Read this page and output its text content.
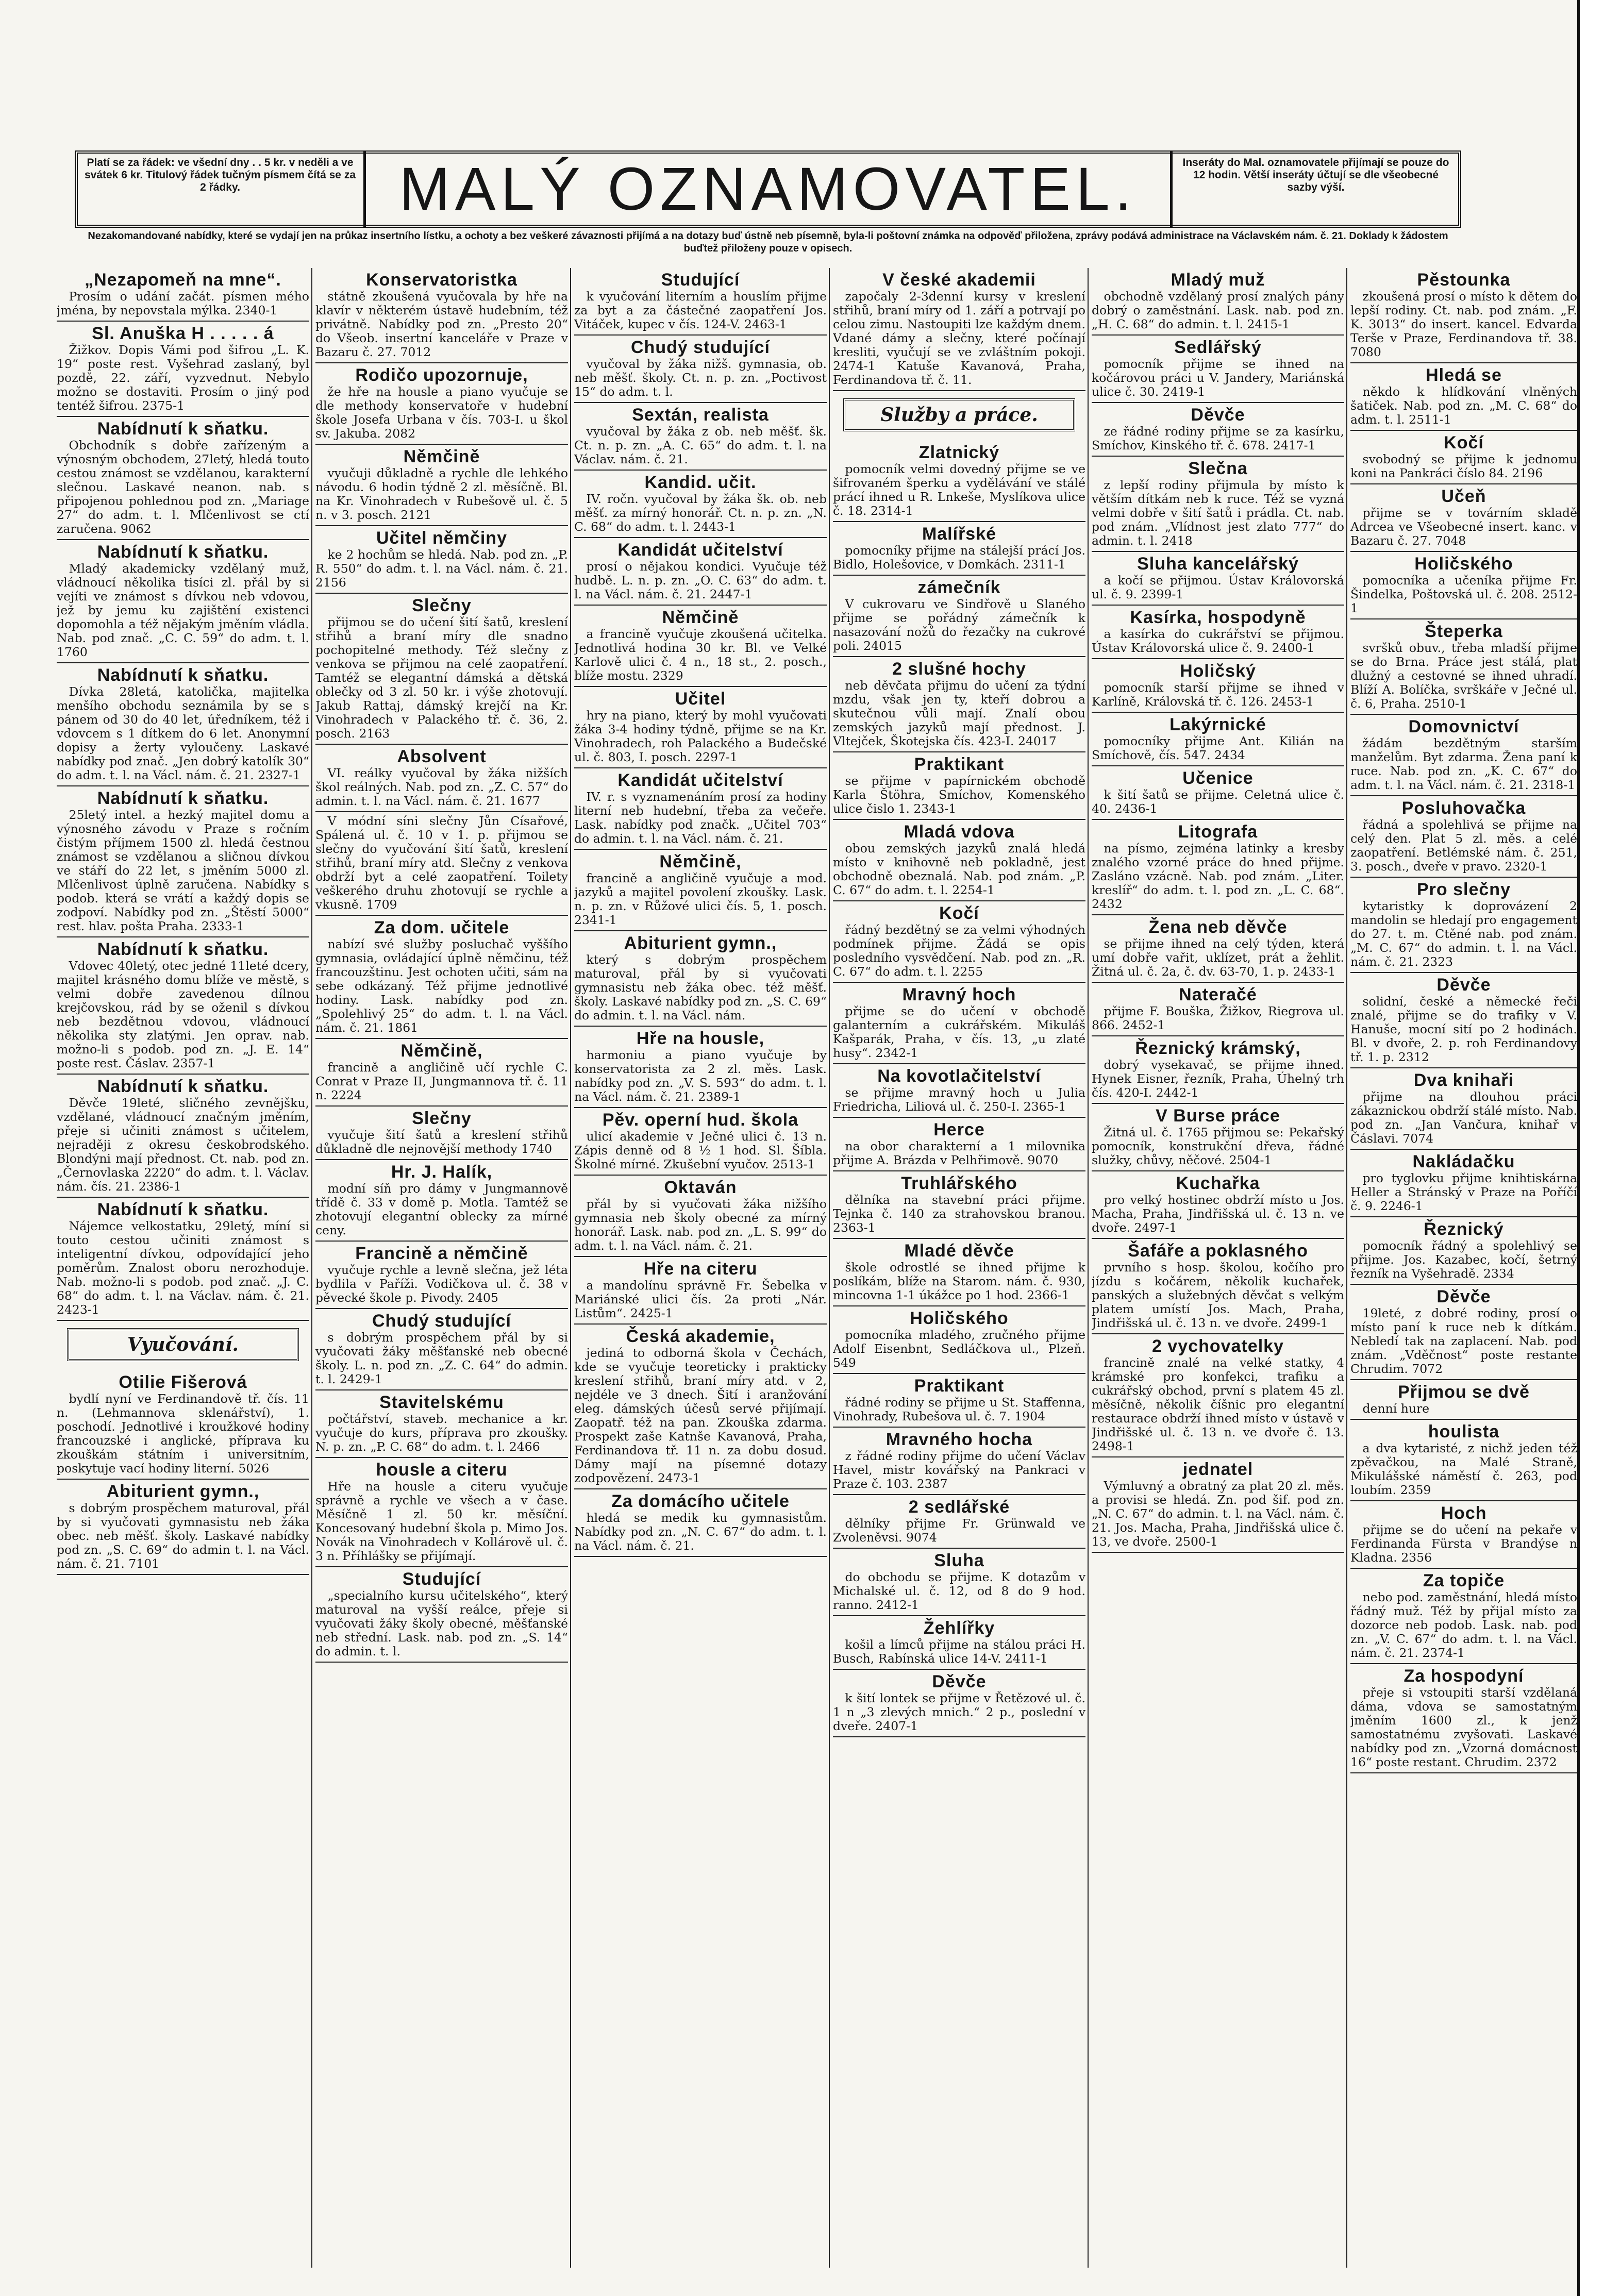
Platí se za řádek: ve všední dny . . 5 kr. v neděli a ve svátek 6 kr. Titulový řádek tučným písmem čítá se za 2 řádky.	MALÝ OZNAMOVATEL.	Inseráty do Mal. oznamovatele přijímají se pouze do 12 hodin. Větší inseráty účtují se dle všeobecné sazby výší.
Nezakomandované nabídky, které se vydají jen na průkaz insertního lístku, a ochoty a bez veškeré závaznosti přijímá a na dotazy buď ústně neb písemně, byla-li poštovní známka na odpověď přiložena, zprávy podává administrace na Václavském nám. č. 21. Doklady k žádostem buďtež přiloženy pouze v opisech.
„Nezapomeň na mne“.
Prosím o udání začát. písmen mého jména, by nepovstala mýlka. 2340-1
Sl. Anuška H . . . . . á
Žižkov. Dopis Vámi pod šifrou „L. K. 19“ poste rest. Vyšehrad zaslaný, byl pozdě, 22. září, vyzvednut. Nebylo možno se dostaviti. Prosím o jiný pod tentéž šifrou. 2375-1
Nabídnutí k sňatku.
Obchodník s dobře zařízeným a výnosným obchodem, 27letý, hledá touto cestou známost se vzdělanou, karakterní slečnou. Laskavé neanon. nab. s připojenou pohlednou pod zn. „Mariage 27“ do adm. t. l. Mlčenlivost se ctí zaručena. 9062
Nabídnutí k sňatku.
Mladý akademicky vzdělaný muž, vládnoucí několika tisíci zl. přál by si vejíti ve známost s dívkou neb vdovou, jež by jemu ku zajištění existenci dopomohla a též nějakým jměním vládla. Nab. pod znač. „C. C. 59“ do adm. t. l. 1760
Nabídnutí k sňatku.
Dívka 28letá, katolička, majitelka menšího obchodu seznámila by se s pánem od 30 do 40 let, úředníkem, též i vdovcem s 1 dítkem do 6 let. Anonymní dopisy a žerty vyloučeny. Laskavé nabídky pod znač. „Jen dobrý katolík 30“ do adm. t. l. na Václ. nám. č. 21. 2327-1
Nabídnutí k sňatku.
25letý intel. a hezký majitel domu a výnosného závodu v Praze s ročním čistým příjmem 1500 zl. hledá čestnou známost se vzdělanou a sličnou dívkou ve stáří do 22 let, s jměním 5000 zl. Mlčenlivost úplně zaručena. Nabídky s podob. která se vrátí a každý dopis se zodpoví. Nabídky pod zn. „Štěstí 5000“ rest. hlav. pošta Praha. 2333-1
Nabídnutí k sňatku.
Vdovec 40letý, otec jedné 11leté dcery, majitel krásného domu blíže ve městě, s velmi dobře zavedenou dílnou krejčovskou, rád by se oženil s dívkou neb bezdětnou vdovou, vládnoucí několika sty zlatými. Jen oprav. nab. možno-li s podob. pod zn. „J. E. 14“ poste rest. Čáslav. 2357-1
Nabídnutí k sňatku.
Děvče 19leté, sličného zevnějšku, vzdělané, vládnoucí značným jměním, přeje si učiniti známost s učitelem, nejraději z okresu českobrodského. Blondýni mají přednost. Ct. nab. pod zn. „Černovlaska 2220“ do adm. t. l. Václav. nám. čís. 21. 2386-1
Nabídnutí k sňatku.
Nájemce velkostatku, 29letý, míní si touto cestou učiniti známost s inteligentní dívkou, odpovídající jeho poměrům. Znalost oboru nerozhoduje. Nab. možno-li s podob. pod znač. „J. C. 68“ do adm. t. l. na Václav. nám. č. 21. 2423-1
Vyučování.
Otilie Fišerová
bydlí nyní ve Ferdinandově tř. čís. 11 n. (Lehmannova sklenářství), 1. poschodí. Jednotlivé i kroužkové hodiny francouzské i anglické, příprava ku zkouškám státním i universitním, poskytuje vací hodiny literní. 5026
Abiturient gymn.,
s dobrým prospěchem maturoval, přál by si vyučovati gymnasistu neb žáka obec. neb měšť. školy. Laskavé nabídky pod zn. „S. C. 69“ do admin t. l. na Václ. nám. č. 21. 7101
Konservatoristka
státně zkoušená vyučovala by hře na klavír v některém ústavě hudebním, též privátně. Nabídky pod zn. „Presto 20“ do Všeob. insertní kanceláře v Praze v Bazaru č. 27. 7012
Rodičo upozornuje,
že hře na housle a piano vyučuje se dle methody konservatoře v hudební škole Josefa Urbana v čís. 703-I. u škol sv. Jakuba. 2082
Němčině
vyučuji důkladně a rychle dle lehkého návodu. 6 hodin týdně 2 zl. měsíčně. Bl. na Kr. Vinohradech v Rubešově ul. č. 5 n. v 3. posch. 2121
Učitel němčiny
ke 2 hochům se hledá. Nab. pod zn. „P. R. 550“ do adm. t. l. na Václ. nám. č. 21. 2156
Slečny
přijmou se do učení šití šatů, kreslení střihů a braní míry dle snadno pochopitelné methody. Též slečny z venkova se přijmou na celé zaopatření. Tamtéž se elegantní dámská a dětská oblečky od 3 zl. 50 kr. i výše zhotovují. Jakub Rattaj, dámský krejčí na Kr. Vinohradech v Palackého tř. č. 36, 2. posch. 2163
Absolvent
VI. reálky vyučoval by žáka nižších škol reálných. Nab. pod zn. „Z. C. 57“ do admin. t. l. na Václ. nám. č. 21. 1677
V módní síni slečny Jůn Císařové, Spálená ul. č. 10 v 1. p. přijmou se slečny do vyučování šití šatů, kreslení střihů, braní míry atd. Slečny z venkova obdrží byt a celé zaopatření. Toilety veškerého druhu zhotovují se rychle a vkusně. 1709
Za dom. učitele
nabízí své služby posluchač vyššího gymnasia, ovládající úplně němčinu, též francouzštinu. Jest ochoten učiti, sám na sebe odkázaný. Též přijme jednotlivé hodiny. Lask. nabídky pod zn. „Spolehlivý 25“ do adm. t. l. na Václ. nám. č. 21. 1861
Němčině,
francině a angličině učí rychle C. Conrat v Praze II, Jungmannova tř. č. 11 n. 2224
Slečny
vyučuje šití šatů a kreslení střihů důkladně dle nejnovější methody 1740
Hr. J. Halík,
modní síň pro dámy v Jungmannově třídě č. 33 v domě p. Motla. Tamtéž se zhotovují elegantní oblecky za mírné ceny.
Francině a němčině
vyučuje rychle a levně slečna, jež léta bydlila v Paříži. Vodičkova ul. č. 38 v pěvecké škole p. Pivody. 2405
Chudý studující
s dobrým prospěchem přál by si vyučovati žáky měšťanské neb obecné školy. L. n. pod zn. „Z. C. 64“ do admin. t. l. 2429-1
Stavitelskému
počtářství, staveb. mechanice a kr. vyučuje do kurs, příprava pro zkoušky. N. p. zn. „P. C. 68“ do adm. t. l. 2466
housle a citeru
Hře na housle a citeru vyučuje správně a rychle ve všech a v čase. Měsíčně 1 zl. 50 kr. měsíční. Koncesovaný hudební škola p. Mimo Jos. Novák na Vinohradech v Kollárově ul. č. 3 n. Příhlášky se přijímají.
Studující
„specialního kursu učitelského“, který maturoval na vyšší reálce, přeje si vyučovati žáky školy obecné, měšťanské neb střední. Lask. nab. pod zn. „S. 14“ do admin. t. l.
Studující
k vyučování literním a houslím přijme za byt a za částečné zaopatření Jos. Vitáček, kupec v čís. 124-V. 2463-1
Chudý studující
vyučoval by žáka nižš. gymnasia, ob. neb měšť. školy. Ct. n. p. zn. „Poctivost 15“ do adm. t. l.
Sextán, realista
vyučoval by žáka z ob. neb měšť. šk. Ct. n. p. zn. „A. C. 65“ do adm. t. l. na Václav. nám. č. 21.
Kandid. učit.
IV. ročn. vyučoval by žáka šk. ob. neb měšť. za mírný honorář. Ct. n. p. zn. „N. C. 68“ do adm. t. l. 2443-1
Kandidát učitelství
prosí o nějakou kondici. Vyučuje též hudbě. L. n. p. zn. „O. C. 63“ do adm. t. l. na Václ. nám. č. 21. 2447-1
Němčině
a francině vyučuje zkoušená učitelka. Jednotlivá hodina 30 kr. Bl. ve Velké Karlově ulici č. 4 n., 18 st., 2. posch., blíže mostu. 2329
Učitel
hry na piano, který by mohl vyučovati žáka 3-4 hodiny týdně, přijme se na Kr. Vinohradech, roh Palackého a Budečské ul. č. 803, I. posch. 2297-1
Kandidát učitelství
IV. r. s vyznamenáním prosí za hodiny literní neb hudební, třeba za večeře. Lask. nabídky pod značk. „Učitel 703“ do admin. t. l. na Václ. nám. č. 21.
Němčině,
francině a angličině vyučuje a mod. jazyků a majitel povolení zkoušky. Lask. n. p. zn. v Růžové ulici čís. 5, 1. posch. 2341-1
Abiturient gymn.,
který s dobrým prospěchem maturoval, přál by si vyučovati gymnasistu neb žáka obec. též měšť. školy. Laskavé nabídky pod zn. „S. C. 69“ do admin. t. l. na Václ. nám.
Hře na housle,
harmoniu a piano vyučuje by konservatorista za 2 zl. měs. Lask. nabídky pod zn. „V. S. 593“ do adm. t. l. na Václ. nám. č. 21. 2389-1
Pěv. operní hud. škola
ulicí akademie v Ječné ulici č. 13 n. Zápis denně od 8 ½ 1 hod. Sl. Šíbla. Školné mírné. Zkušební vyučov. 2513-1
Oktaván
přál by si vyučovati žáka nižšího gymnasia neb školy obecné za mírný honorář. Lask. nab. pod zn. „L. S. 99“ do adm. t. l. na Václ. nám. č. 21.
Hře na citeru
a mandolínu správně Fr. Šebelka v Mariánské ulici čís. 2a proti „Nár. Listům“. 2425-1
Česká akademie,
jediná to odborná škola v Čechách, kde se vyučuje teoreticky i prakticky kreslení střihů, braní míry atd. v 2, nejdéle ve 3 dnech. Šití i aranžování eleg. dámských účesů servé přijímají. Zaopatř. též na pan. Zkouška zdarma. Prospekt zaše Katnše Kavanová, Praha, Ferdinandova tř. 11 n. za dobu dosud. Dámy mají na písemné dotazy zodpovězení. 2473-1
Za domácího učitele
hledá se medik ku gymnasistům. Nabídky pod zn. „N. C. 67“ do adm. t. l. na Václ. nám. č. 21.
V české akademii
započaly 2-3denní kursy v kreslení střihů, braní míry od 1. září a potrvají po celou zimu. Nastoupiti lze každým dnem. Vdané dámy a slečny, které počínají kresliti, vyučují se ve zvláštním pokoji. 2474-1 Katuše Kavanová, Praha, Ferdinandova tř. č. 11.
Služby a práce.
Zlatnický
pomocník velmi dovedný přijme se ve šifrovaném šperku a vydělávání ve stálé prácí ihned u R. Lnkeše, Myslíkova ulice č. 18. 2314-1
Malířské
pomocníky přijme na stálejší prácí Jos. Bidlo, Holešovice, v Domkách. 2311-1
zámečník
V cukrovaru ve Sindřově u Slaného přijme se pořádný zámečník k nasazování nožů do řezačky na cukrové poli. 24015
2 slušné hochy
neb děvčata přijmu do učení za týdní mzdu, však jen ty, kteří dobrou a skutečnou vůli mají. Znalí obou zemských jazyků mají přednost. J. Vltejček, Škotejska čís. 423-I. 24017
Praktikant
se přijme v papírnickém obchodě Karla Štöhra, Smíchov, Komenského ulice čislo 1. 2343-1
Mladá vdova
obou zemských jazyků znalá hledá místo v knihovně neb pokladně, jest obchodně obeznalá. Nab. pod znám. „P. C. 67“ do adm. t. l. 2254-1
Kočí
řádný bezdětný se za velmi výhodných podmínek přijme. Žádá se opis posledního vysvědčení. Nab. pod zn. „R. C. 67“ do adm. t. l. 2255
Mravný hoch
přijme se do učení v obchodě galanterním a cukrářském. Mikuláš Kašparák, Praha, v čís. 13, „u zlaté husy“. 2342-1
Na kovotlačitelství
se přijme mravný hoch u Julia Friedricha, Liliová ul. č. 250-I. 2365-1
Herce
na obor charakterní a 1 milovnika přijme A. Brázda v Pelhřimově. 9070
Truhlářského
dělníka na stavební práci přijme. Tejnka č. 140 za strahovskou branou. 2363-1
Mladé děvče
škole odrostlé se ihned přijme k poslíkám, blíže na Starom. nám. č. 930, mincovna 1-1 úkážce po 1 hod. 2366-1
Holičského
pomocníka mladého, zručného přijme Adolf Eisenbnt, Sedláčkova ul., Plzeň. 549
Praktikant
řádné rodiny se přijme u St. Staffenna, Vinohrady, Rubešova ul. č. 7. 1904
Mravného hocha
z řádné rodiny přijme do učení Václav Havel, mistr kovářský na Pankraci v Praze č. 103. 2387
2 sedlářské
dělníky přijme Fr. Grünwald ve Zvoleněvsi. 9074
Sluha
do obchodu se přijme. K dotazům v Michalské ul. č. 12, od 8 do 9 hod. ranno. 2412-1
Žehlířky
košil a límců přijme na stálou práci H. Busch, Rabínská ulice 14-V. 2411-1
Děvče
k šití lontek se přijme v Řetězové ul. č. 1 n „3 zlevých mnich.“ 2 p., poslední v dveře. 2407-1
Mladý muž
obchodně vzdělaný prosí znalých pány dobrý o zaměstnání. Lask. nab. pod zn. „H. C. 68“ do admin. t. l. 2415-1
Sedlářský
pomocník přijme se ihned na kočárovou práci u V. Jandery, Mariánská ulice č. 30. 2419-1
Děvče
ze řádné rodiny přijme se za kasírku, Smíchov, Kinského tř. č. 678. 2417-1
Slečna
z lepší rodiny přijmula by místo k větším dítkám neb k ruce. Též se vyzná velmi dobře v šití šatů i prádla. Ct. nab. pod znám. „Vlídnost jest zlato 777“ do admin. t. l. 2418
Sluha kancelářský
a kočí se přijmou. Ústav Královorská ul. č. 9. 2399-1
Kasírka, hospodyně
a kasírka do cukrářství se přijmou. Ústav Královorská ulice č. 9. 2400-1
Holičský
pomocník starší přijme se ihned v Karlíně, Královská tř. č. 126. 2453-1
Lakýrnické
pomocníky přijme Ant. Kilián na Smíchově, čís. 547. 2434
Učenice
k šití šatů se přijme. Celetná ulice č. 40. 2436-1
Litografa
na písmo, zejména latinky a kresby znalého vzorné práce do hned přijme. Zasláno vzácně. Nab. pod znám. „Liter. kreslíř“ do adm. t. l. pod zn. „L. C. 68“. 2432
Žena neb děvče
se přijme ihned na celý týden, která umí dobře vařit, uklízet, prát a žehlit. Žitná ul. č. 2a, č. dv. 63-70, 1. p. 2433-1
Nateračé
přijme F. Bouška, Žižkov, Riegrova ul. 866. 2452-1
Řeznický krámský,
dobrý vysekavač, se přijme ihned. Hynek Eisner, řezník, Praha, Úhelný trh čís. 420-I. 2442-1
V Burse práce
Žitná ul. č. 1765 přijmou se: Pekařský pomocník, konstrukční dřeva, řádné služky, chůvy, něčové. 2504-1
Kuchařka
pro velký hostinec obdrží místo u Jos. Macha, Praha, Jindřišská ul. č. 13 n. ve dvoře. 2497-1
Šafáře a poklasného
prvního s hosp. školou, kočího pro jízdu s kočárem, několik kuchařek, panských a služebných děvčat s velkým platem umístí Jos. Mach, Praha, Jindřišská ul. č. 13 n. ve dvoře. 2499-1
2 vychovatelky
francině znalé na velké statky, 4 krámské pro konfekci, trafiku a cukrářský obchod, první s platem 45 zl. měsíčně, několik číšnic pro elegantní restaurace obdrží ihned místo v ústavě v Jindřišské ul. č. 13 n. ve dvoře č. 13. 2498-1
jednatel
Výmluvný a obratný za plat 20 zl. měs. a provisi se hledá. Zn. pod šif. pod zn. „N. C. 67“ do admin. t. l. na Václ. nám. č. 21. Jos. Macha, Praha, Jindřišská ulice č. 13, ve dvoře. 2500-1
Pěstounka
zkoušená prosí o místo k dětem do lepší rodiny. Ct. nab. pod znám. „F. K. 3013“ do insert. kancel. Edvarda Terše v Praze, Ferdinandova tř. 38. 7080
Hledá se
někdo k hlídkování vlněných šatiček. Nab. pod zn. „M. C. 68“ do adm. t. l. 2511-1
Kočí
svobodný se přijme k jednomu koni na Pankráci číslo 84. 2196
Učeň
přijme se v továrním skladě Adrcea ve Všeobecné insert. kanc. v Bazaru č. 27. 7048
Holičského
pomocníka a učeníka přijme Fr. Šindelka, Poštovská ul. č. 208. 2512-1
Šteperka
svršků obuv., třeba mladší přijme se do Brna. Práce jest stálá, plat dlužný a cestovné se ihned uhradí. Blíží A. Bolíčka, svrškáře v Ječné ul. č. 6, Praha. 2510-1
Domovnictví
žádám bezdětným starším manželům. Byt zdarma. Žena paní k ruce. Nab. pod zn. „K. C. 67“ do adm. t. l. na Václ. nám. č. 21. 2318-1
Posluhovačka
řádná a spolehlivá se přijme na celý den. Plat 5 zl. měs. a celé zaopatření. Betlémské nám. č. 251, 3. posch., dveře v pravo. 2320-1
Pro slečny
kytaristky k doprovázení 2 mandolin se hledají pro engagement do 27. t. m. Ctěné nab. pod znám. „M. C. 67“ do admin. t. l. na Václ. nám. č. 21. 2323
Děvče
solidní, české a německé řeči znalé, přijme se do trafiky v V. Hanuše, mocní sití po 2 hodinách. Bl. v dvoře, 2. p. roh Ferdinandovy tř. 1. p. 2312
Dva knihaři
přijme na dlouhou práci zákaznickou obdrží stálé místo. Nab. pod zn. „Jan Vančura, knihař v Čáslavi. 7074
Nakládačku
pro tyglovku přijme knihtiskárna Heller a Stránský v Praze na Poříčí č. 9. 2246-1
Řeznický
pomocník řádný a spolehlivý se přijme. Jos. Kazabec, kočí, šetrný řezník na Vyšehradě. 2334
Děvče
19leté, z dobré rodiny, prosí o místo paní k ruce neb k dítkám. Nebledí tak na zaplacení. Nab. pod znám. „Vděčnost“ poste restante Chrudim. 7072
Přijmou se dvě
denní hure
houlista
a dva kytaristé, z nichž jeden též zpěvačkou, na Malé Straně, Mikulášské náměstí č. 263, pod loubím. 2359
Hoch
přijme se do učení na pekaře v Ferdinanda Fürsta v Brandýse n Kladna. 2356
Za topiče
nebo pod. zaměstnání, hledá místo řádný muž. Též by přijal místo za dozorce neb podob. Lask. nab. pod zn. „V. C. 67“ do adm. t. l. na Václ. nám. č. 21. 2374-1
Za hospodyní
přeje si vstoupiti starší vzdělaná dáma, vdova se samostatným jměním 1600 zl., k jenž samostatnému zvyšovati. Laskavé nabídky pod zn. „Vzorná domácnost 16“ poste restant. Chrudim. 2372
